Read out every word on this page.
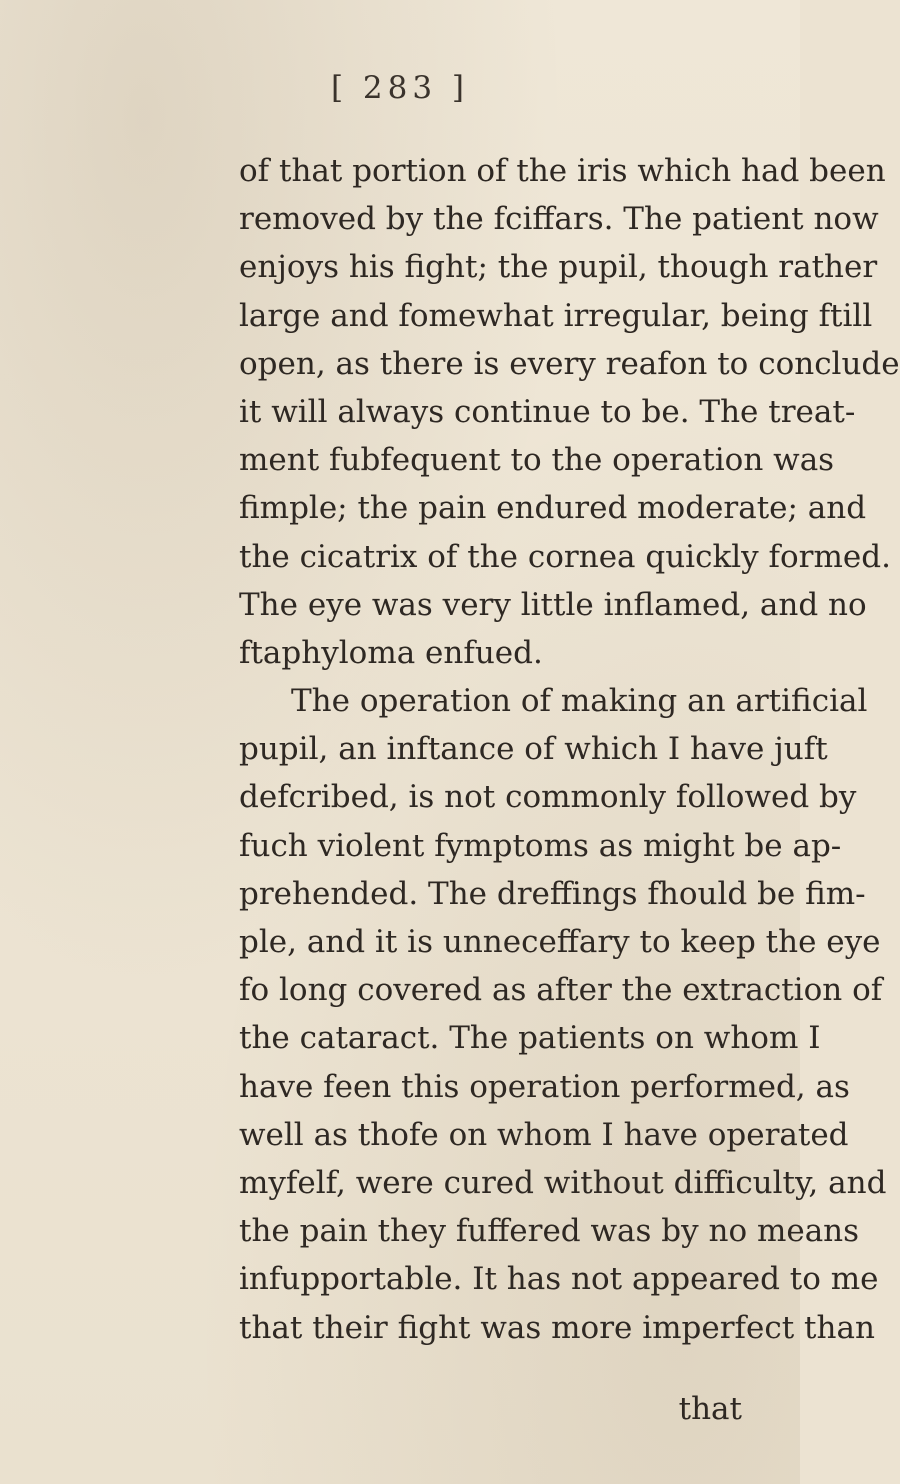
[ 283 ]
of that portion of the iris which had been
removed by the fciffars. The patient now
enjoys his fight; the pupil, though rather
large and fomewhat irregular, being ftill
open, as there is every reafon to conclude
it will always continue to be. The treat-
ment fubfequent to the operation was
fimple; the pain endured moderate; and
the cicatrix of the cornea quickly formed.
The eye was very little inflamed, and no
ftaphyloma enfued.
The operation of making an artificial
pupil, an inftance of which I have juft
defcribed, is not commonly followed by
fuch violent fymptoms as might be ap-
prehended. The dreffings fhould be fim-
ple, and it is unneceffary to keep the eye
fo long covered as after the extraction of
the cataract. The patients on whom I
have feen this operation performed, as
well as thofe on whom I have operated
myfelf, were cured without difficulty, and
the pain they fuffered was by no means
infupportable. It has not appeared to me
that their fight was more imperfect than
that
